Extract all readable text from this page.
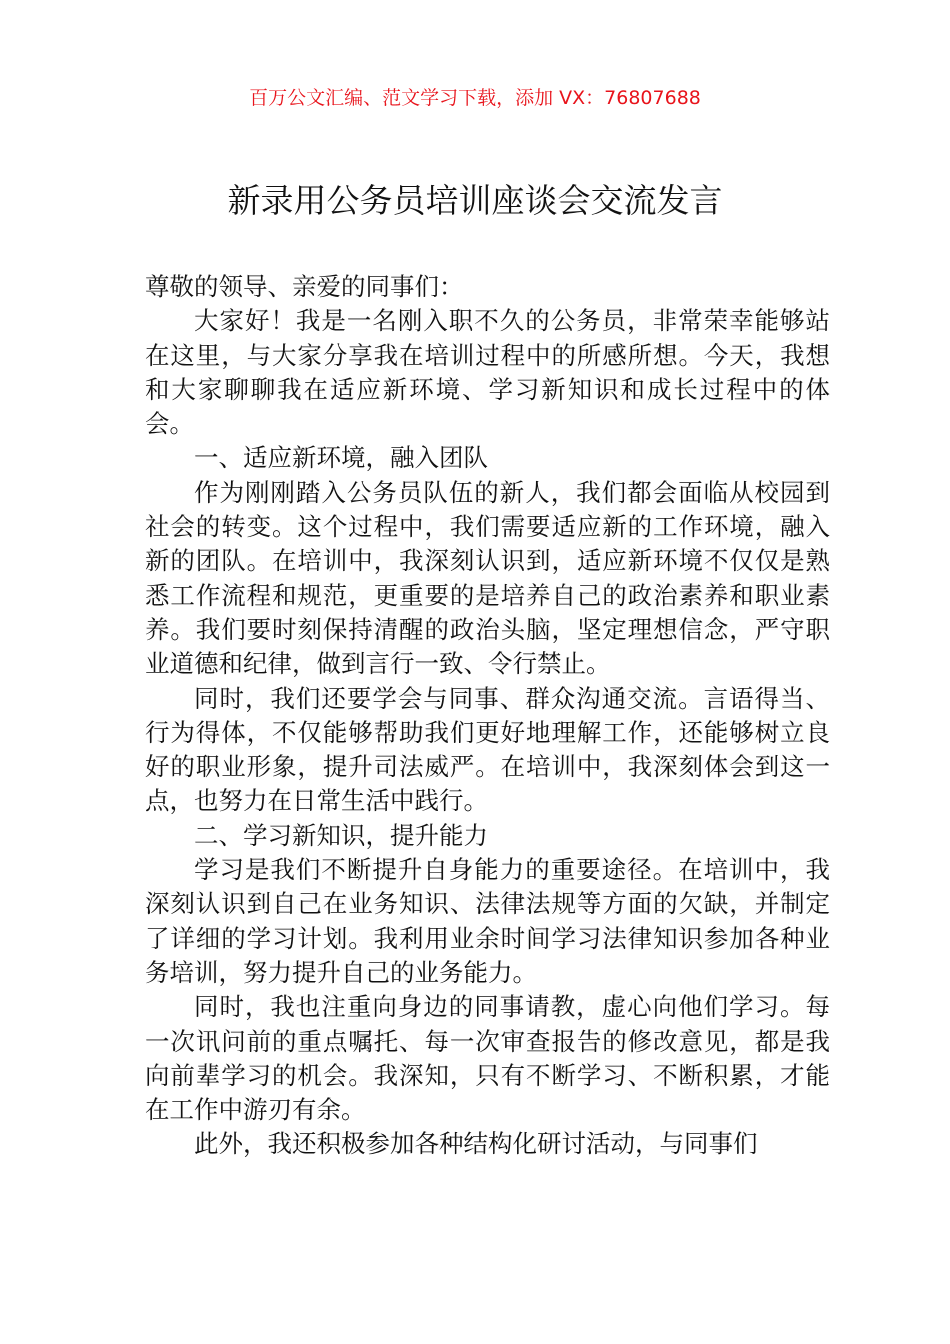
百万公文汇编、范文学习下载，添加 VX：76807688
新录用公务员培训座谈会交流发言

尊敬的领导、亲爱的同事们：

大家好！我是一名刚入职不久的公务员，非常荣幸能够站在这里，与大家分享我在培训过程中的所感所想。今天，我想和大家聊聊我在适应新环境、学习新知识和成长过程中的体会。

一、适应新环境，融入团队

作为刚刚踏入公务员队伍的新人，我们都会面临从校园到社会的转变。这个过程中，我们需要适应新的工作环境，融入新的团队。在培训中，我深刻认识到，适应新环境不仅仅是熟悉工作流程和规范，更重要的是培养自己的政治素养和职业素养。我们要时刻保持清醒的政治头脑，坚定理想信念，严守职业道德和纪律，做到言行一致、令行禁止。

同时，我们还要学会与同事、群众沟通交流。言语得当、行为得体，不仅能够帮助我们更好地理解工作，还能够树立良好的职业形象，提升司法威严。在培训中，我深刻体会到这一点，也努力在日常生活中践行。

二、学习新知识，提升能力

学习是我们不断提升自身能力的重要途径。在培训中，我深刻认识到自己在业务知识、法律法规等方面的欠缺，并制定了详细的学习计划。我利用业余时间学习法律知识参加各种业务培训，努力提升自己的业务能力。

同时，我也注重向身边的同事请教，虚心向他们学习。每一次讯问前的重点嘱托、每一次审查报告的修改意见，都是我向前辈学习的机会。我深知，只有不断学习、不断积累，才能在工作中游刃有余。

此外，我还积极参加各种结构化研讨活动，与同事们
